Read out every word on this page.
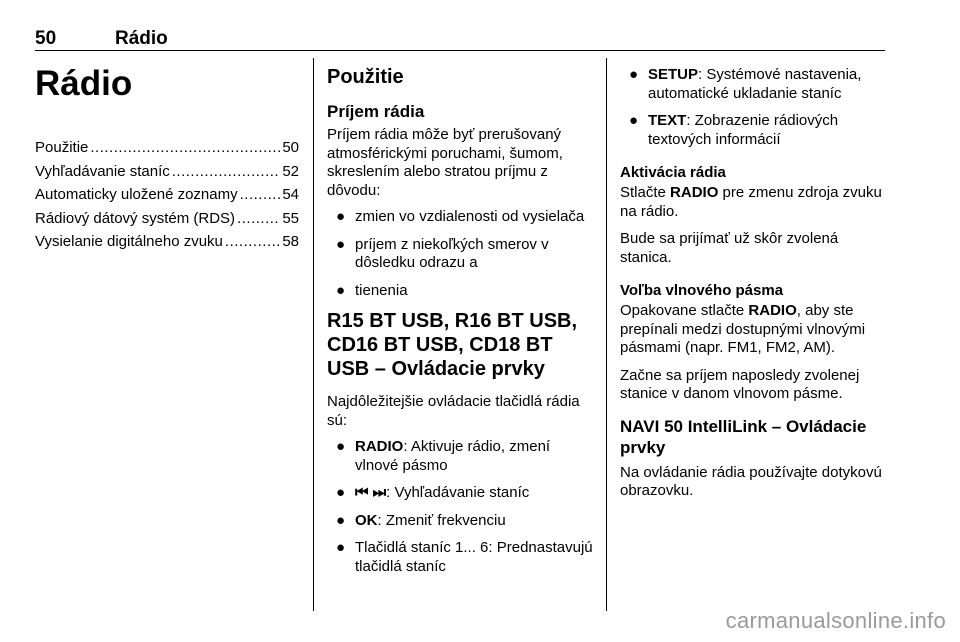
50	Rádio
Rádio
Použitie .....	50
Vyhľadávanie staníc .....	52
Automaticky uložené zoznamy .....	54
Rádiový dátový systém (RDS) .....	55
Vysielanie digitálneho zvuku .....	58
Použitie
Príjem rádia

Príjem rádia môže byť prerušovaný atmosférickými poruchami, šumom, skreslením alebo stratou príjmu z dôvodu:

● zmien vo vzdialenosti od vysielača
● príjem z niekoľkých smerov v dôsledku odrazu a
● tienenia
R15 BT USB, R16 BT USB, CD16 BT USB, CD18 BT USB – Ovládacie prvky

Najdôležitejšie ovládacie tlačidlá rádia sú:

● RADIO: Aktivuje rádio, zmení vlnové pásmo
● ⏮ ⏭: Vyhľadávanie staníc
● OK: Zmeniť frekvenciu
● Tlačidlá staníc 1... 6: Prednastavujú tlačidlá staníc
● SETUP: Systémové nastavenia, automatické ukladanie staníc
● TEXT: Zobrazenie rádiových textových informácií
Aktivácia rádia

Stlačte RADIO pre zmenu zdroja zvuku na rádio.

Bude sa prijímať už skôr zvolená stanica.

Voľba vlnového pásma

Opakovane stlačte RADIO, aby ste prepínali medzi dostupnými vlnovými pásmami (napr. FM1, FM2, AM).

Začne sa príjem naposledy zvolenej stanice v danom vlnovom pásme.

NAVI 50 IntelliLink – Ovládacie prvky

Na ovládanie rádia používajte dotykovú obrazovku.

carmanualsonline.info
